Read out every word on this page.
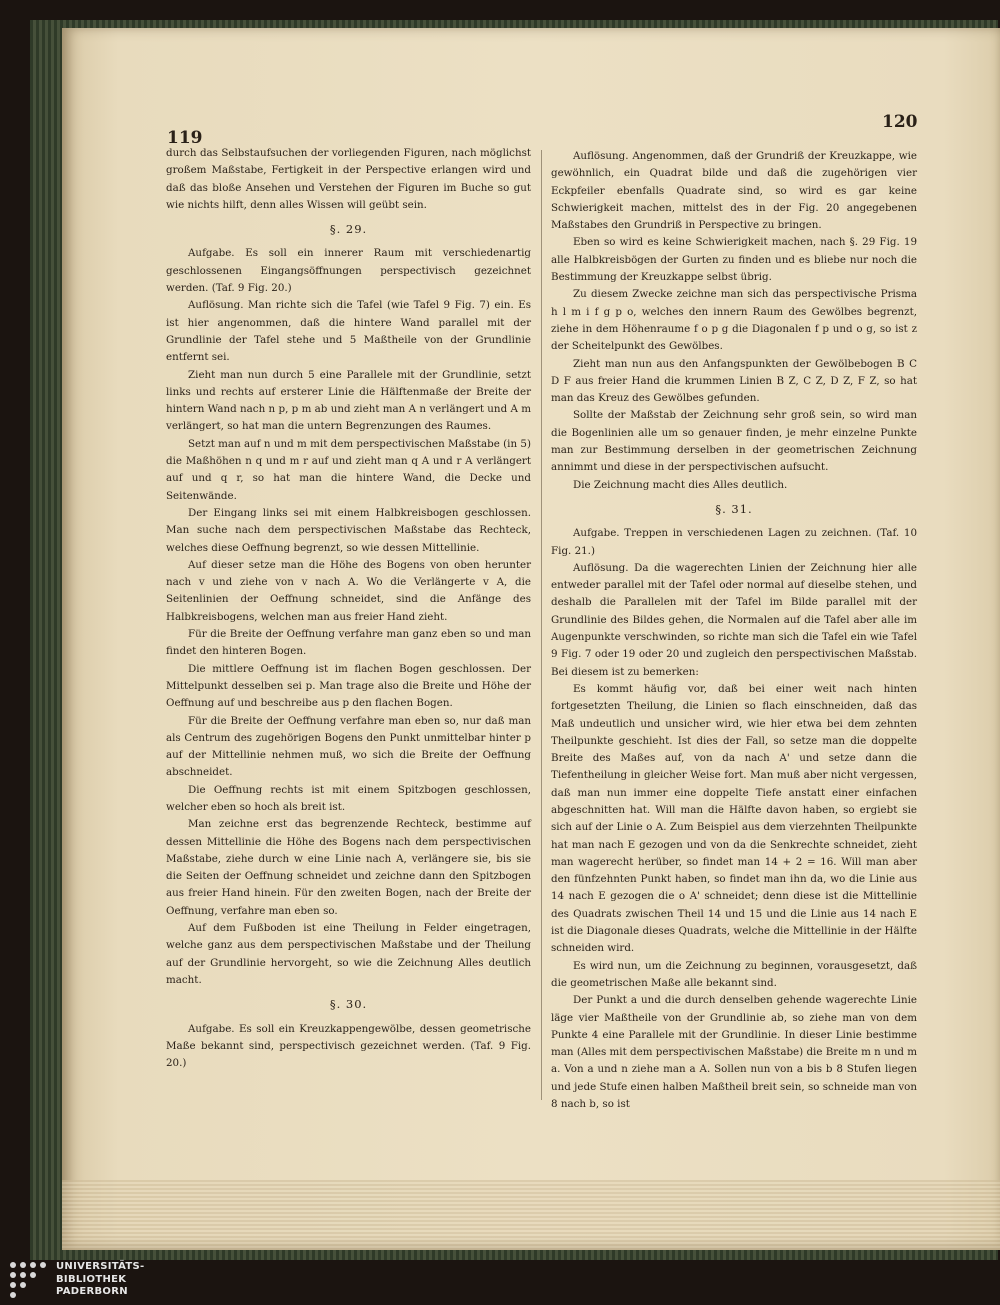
119
120

durch das Selbstaufsuchen der vorliegenden Figuren, nach möglichst großem Maßstabe, Fertigkeit in der Perspective erlangen wird und daß das bloße Ansehen und Verstehen der Figuren im Buche so gut wie nichts hilft, denn alles Wissen will geübt sein.

§. 29.

Aufgabe. Es soll ein innerer Raum mit verschiedenartig geschlossenen Eingangsöffnungen perspectivisch gezeichnet werden. (Taf. 9 Fig. 20.)

Auflösung. Man richte sich die Tafel (wie Tafel 9 Fig. 7) ein. Es ist hier angenommen, daß die hintere Wand parallel mit der Grundlinie der Tafel stehe und 5 Maßtheile von der Grundlinie entfernt sei.

Zieht man nun durch 5 eine Parallele mit der Grundlinie, setzt links und rechts auf ersterer Linie die Hälftenmaße der Breite der hintern Wand nach n p, p m ab und zieht man A n verlängert und A m verlängert, so hat man die untern Begrenzungen des Raumes.

Setzt man auf n und m mit dem perspectivischen Maßstabe (in 5) die Maßhöhen n q und m r auf und zieht man q A und r A verlängert auf und q r, so hat man die hintere Wand, die Decke und Seitenwände.

Der Eingang links sei mit einem Halbkreisbogen geschlossen. Man suche nach dem perspectivischen Maßstabe das Rechteck, welches diese Oeffnung begrenzt, so wie dessen Mittellinie.

Auf dieser setze man die Höhe des Bogens von oben herunter nach v und ziehe von v nach A. Wo die Verlängerte v A, die Seitenlinien der Oeffnung schneidet, sind die Anfänge des Halbkreisbogens, welchen man aus freier Hand zieht.

Für die Breite der Oeffnung verfahre man ganz eben so und man findet den hinteren Bogen.

Die mittlere Oeffnung ist im flachen Bogen geschlossen. Der Mittelpunkt desselben sei p. Man trage also die Breite und Höhe der Oeffnung auf und beschreibe aus p den flachen Bogen.

Für die Breite der Oeffnung verfahre man eben so, nur daß man als Centrum des zugehörigen Bogens den Punkt unmittelbar hinter p auf der Mittellinie nehmen muß, wo sich die Breite der Oeffnung abschneidet.

Die Oeffnung rechts ist mit einem Spitzbogen geschlossen, welcher eben so hoch als breit ist.

Man zeichne erst das begrenzende Rechteck, bestimme auf dessen Mittellinie die Höhe des Bogens nach dem perspectivischen Maßstabe, ziehe durch w eine Linie nach A, verlängere sie, bis sie die Seiten der Oeffnung schneidet und zeichne dann den Spitzbogen aus freier Hand hinein. Für den zweiten Bogen, nach der Breite der Oeffnung, verfahre man eben so.

Auf dem Fußboden ist eine Theilung in Felder eingetragen, welche ganz aus dem perspectivischen Maßstabe und der Theilung auf der Grundlinie hervorgeht, so wie die Zeichnung Alles deutlich macht.

§. 30.

Aufgabe. Es soll ein Kreuzkappengewölbe, dessen geometrische Maße bekannt sind, perspectivisch gezeichnet werden. (Taf. 9 Fig. 20.)

Auflösung. Angenommen, daß der Grundriß der Kreuzkappe, wie gewöhnlich, ein Quadrat bilde und daß die zugehörigen vier Eckpfeiler ebenfalls Quadrate sind, so wird es gar keine Schwierigkeit machen, mittelst des in der Fig. 20 angegebenen Maßstabes den Grundriß in Perspective zu bringen.

Eben so wird es keine Schwierigkeit machen, nach §. 29 Fig. 19 alle Halbkreisbögen der Gurten zu finden und es bliebe nur noch die Bestimmung der Kreuzkappe selbst übrig.

Zu diesem Zwecke zeichne man sich das perspectivische Prisma h l m i f g p o, welches den innern Raum des Gewölbes begrenzt, ziehe in dem Höhenraume f o p g die Diagonalen f p und o g, so ist z der Scheitelpunkt des Gewölbes.

Zieht man nun aus den Anfangspunkten der Gewölbebogen B C D F aus freier Hand die krummen Linien B Z, C Z, D Z, F Z, so hat man das Kreuz des Gewölbes gefunden.

Sollte der Maßstab der Zeichnung sehr groß sein, so wird man die Bogenlinien alle um so genauer finden, je mehr einzelne Punkte man zur Bestimmung derselben in der geometrischen Zeichnung annimmt und diese in der perspectivischen aufsucht.

Die Zeichnung macht dies Alles deutlich.

§. 31.

Aufgabe. Treppen in verschiedenen Lagen zu zeichnen. (Taf. 10 Fig. 21.)

Auflösung. Da die wagerechten Linien der Zeichnung hier alle entweder parallel mit der Tafel oder normal auf dieselbe stehen, und deshalb die Parallelen mit der Tafel im Bilde parallel mit der Grundlinie des Bildes gehen, die Normalen auf die Tafel aber alle im Augenpunkte verschwinden, so richte man sich die Tafel ein wie Tafel 9 Fig. 7 oder 19 oder 20 und zugleich den perspectivischen Maßstab. Bei diesem ist zu bemerken:

Es kommt häufig vor, daß bei einer weit nach hinten fortgesetzten Theilung, die Linien so flach einschneiden, daß das Maß undeutlich und unsicher wird, wie hier etwa bei dem zehnten Theilpunkte geschieht. Ist dies der Fall, so setze man die doppelte Breite des Maßes auf, von da nach A' und setze dann die Tiefentheilung in gleicher Weise fort. Man muß aber nicht vergessen, daß man nun immer eine doppelte Tiefe anstatt einer einfachen abgeschnitten hat. Will man die Hälfte davon haben, so ergiebt sie sich auf der Linie o A. Zum Beispiel aus dem vierzehnten Theilpunkte hat man nach E gezogen und von da die Senkrechte schneidet, zieht man wagerecht herüber, so findet man 14 + 2 = 16. Will man aber den fünfzehnten Punkt haben, so findet man ihn da, wo die Linie aus 14 nach E gezogen die o A' schneidet; denn diese ist die Mittellinie des Quadrats zwischen Theil 14 und 15 und die Linie aus 14 nach E ist die Diagonale dieses Quadrats, welche die Mittellinie in der Hälfte schneiden wird.

Es wird nun, um die Zeichnung zu beginnen, vorausgesetzt, daß die geometrischen Maße alle bekannt sind.

Der Punkt a und die durch denselben gehende wagerechte Linie läge vier Maßtheile von der Grundlinie ab, so ziehe man von dem Punkte 4 eine Parallele mit der Grundlinie. In dieser Linie bestimme man (Alles mit dem perspectivischen Maßstabe) die Breite m n und m a. Von a und n ziehe man a A. Sollen nun von a bis b 8 Stufen liegen und jede Stufe einen halben Maßtheil breit sein, so schneide man von 8 nach b, so ist

UNIVERSITÄTS-
BIBLIOTHEK
PADERBORN
